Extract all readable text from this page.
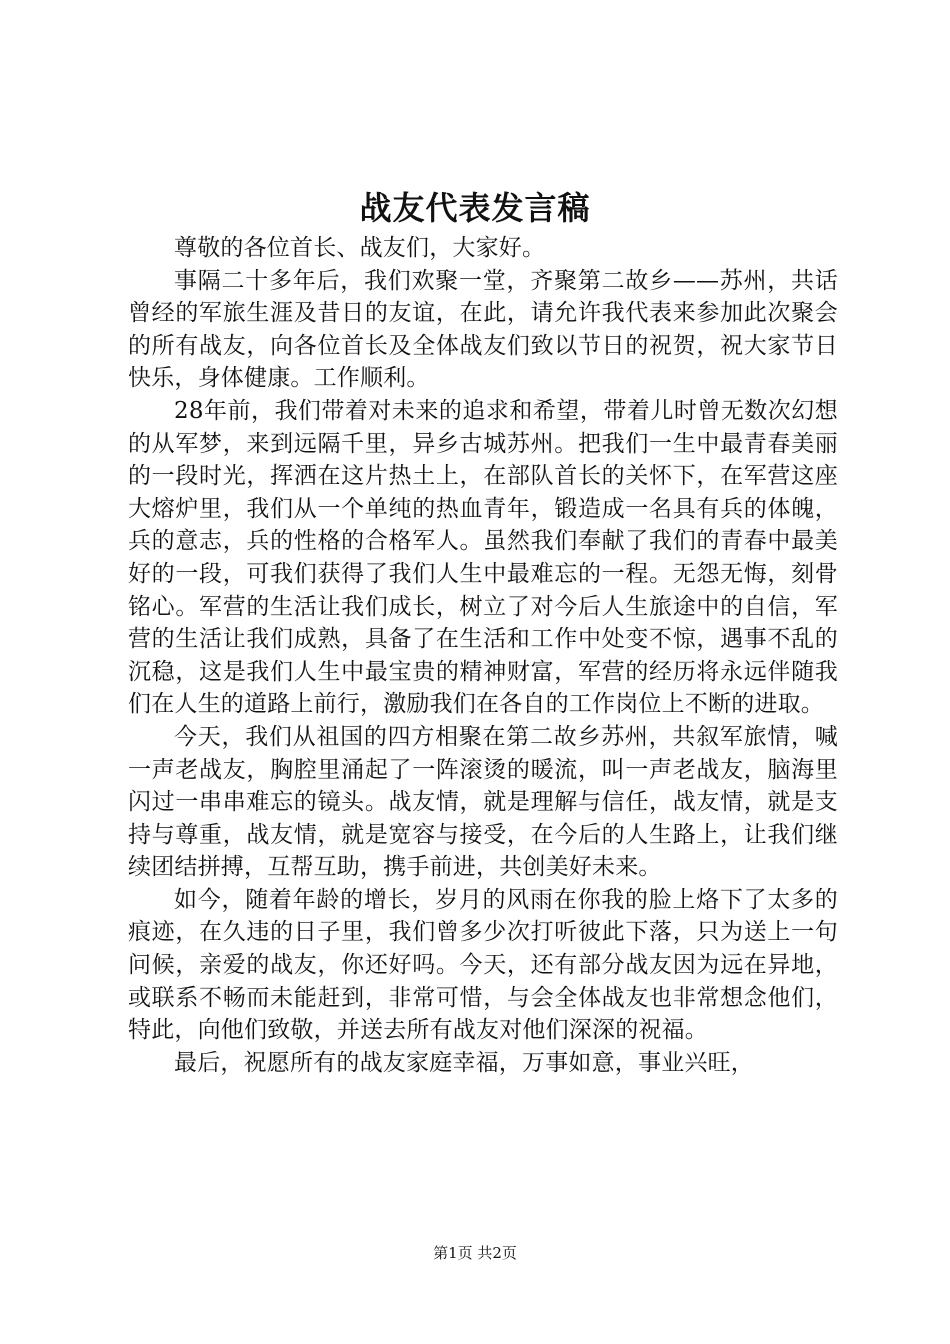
战友代表发言稿

尊敬的各位首长、战友们，大家好。

事隔二十多年后，我们欢聚一堂，齐聚第二故乡——苏州，共话曾经的军旅生涯及昔日的友谊，在此，请允许我代表来参加此次聚会的所有战友，向各位首长及全体战友们致以节日的祝贺，祝大家节日快乐，身体健康。工作顺利。

28年前，我们带着对未来的追求和希望，带着儿时曾无数次幻想的从军梦，来到远隔千里，异乡古城苏州。把我们一生中最青春美丽的一段时光，挥洒在这片热土上，在部队首长的关怀下，在军营这座大熔炉里，我们从一个单纯的热血青年，锻造成一名具有兵的体魄，兵的意志，兵的性格的合格军人。虽然我们奉献了我们的青春中最美好的一段，可我们获得了我们人生中最难忘的一程。无怨无悔，刻骨铭心。军营的生活让我们成长，树立了对今后人生旅途中的自信，军营的生活让我们成熟，具备了在生活和工作中处变不惊，遇事不乱的沉稳，这是我们人生中最宝贵的精神财富，军营的经历将永远伴随我们在人生的道路上前行，激励我们在各自的工作岗位上不断的进取。

今天，我们从祖国的四方相聚在第二故乡苏州，共叙军旅情，喊一声老战友，胸腔里涌起了一阵滚烫的暖流，叫一声老战友，脑海里闪过一串串难忘的镜头。战友情，就是理解与信任，战友情，就是支持与尊重，战友情，就是宽容与接受，在今后的人生路上，让我们继续团结拼搏，互帮互助，携手前进，共创美好未来。

如今，随着年龄的增长，岁月的风雨在你我的脸上烙下了太多的痕迹，在久违的日子里，我们曾多少次打听彼此下落，只为送上一句问候，亲爱的战友，你还好吗。今天，还有部分战友因为远在异地，或联系不畅而未能赶到，非常可惜，与会全体战友也非常想念他们，特此，向他们致敬，并送去所有战友对他们深深的祝福。

最后，祝愿所有的战友家庭幸福，万事如意，事业兴旺，

第1页 共2页
